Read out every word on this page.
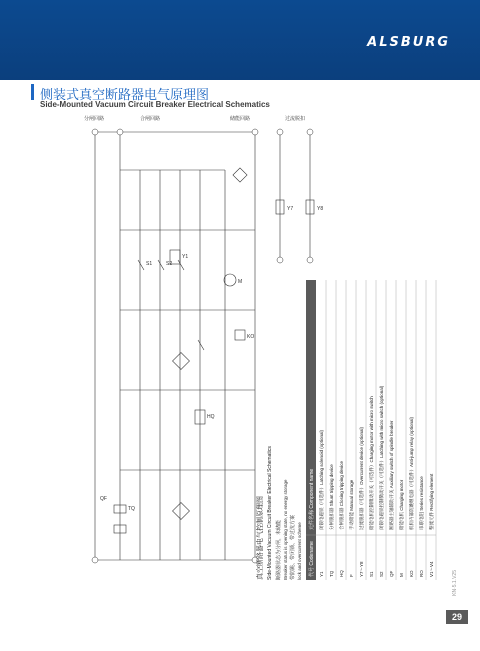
ALSBURG
侧装式真空断路器电气原理图
Side-Mounted Vacuum Circuit Breaker Electrical Schematics
分闸回路	合闸回路	储能回路	过流脱扣
QF
TQ
HQ
M
Y1
S1	S2
KO
Y7	Y8
真空断路器电气控制原理图 Side-Mounted Vacuum Circuit Breaker Electrical Schematics 断路器状态为分闸，未储能 Breaker status is opening state, no energy storage 带防跳、带闭锁、带过流方案 lock and overcurrent scheme 代号 Codename
元件名称 Component name
Y1
闭锁电磁铁（可选件）Latching solenoid (optional)
TQ
分闸脱扣器 Shunt tripping device
HQ
合闸脱扣器 Closing tripping device
F
手动储能 Manual storage
Y7～Y8
过流脱扣器（可选件）Overcurrent device (optional)
S1
储能电机控制微动开关（可选件）Charging motor with micro switch
S2
闭锁电磁铁控制微动开关（可选件）Latching with micro switch (optional)
QF
断路器主轴辅助开关 Auxiliary switch of spindle breaker
M
储能电机 Charging motor
KO
机构内部防跳继电器（可选件）Anti-jump relay (optional)
RO
串联电阻 Series resistance
V1～V4
整流元件 Rectifying element
29
KN·5.1.V25
